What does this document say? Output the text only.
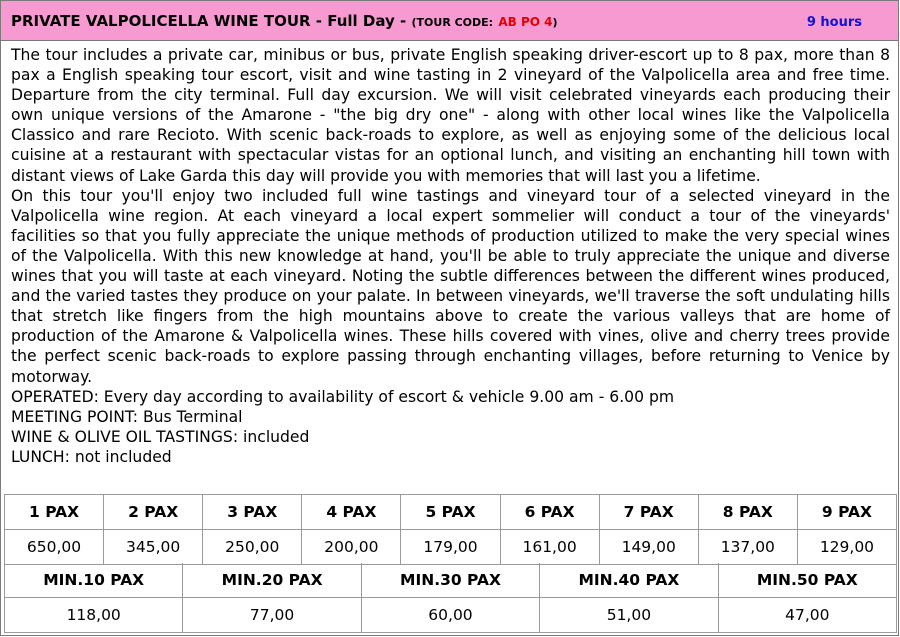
PRIVATE VALPOLICELLA WINE TOUR - Full Day - (TOUR CODE: AB PO 4)	9 hours

The tour includes a private car, minibus or bus, private English speaking driver-escort up to 8 pax, more than 8 pax a English speaking tour escort, visit and wine tasting in 2 vineyard of the Valpolicella area and free time. Departure from the city terminal. Full day excursion. We will visit celebrated vineyards each producing their own unique versions of the Amarone - "the big dry one" - along with other local wines like the Valpolicella Classico and rare Recioto. With scenic back-roads to explore, as well as enjoying some of the delicious local cuisine at a restaurant with spectacular vistas for an optional lunch, and visiting an enchanting hill town with distant views of Lake Garda this day will provide you with memories that will last you a lifetime.

On this tour you'll enjoy two included full wine tastings and vineyard tour of a selected vineyard in the Valpolicella wine region. At each vineyard a local expert sommelier will conduct a tour of the vineyards' facilities so that you fully appreciate the unique methods of production utilized to make the very special wines of the Valpolicella. With this new knowledge at hand, you'll be able to truly appreciate the unique and diverse wines that you will taste at each vineyard. Noting the subtle differences between the different wines produced, and the varied tastes they produce on your palate. In between vineyards, we'll traverse the soft undulating hills that stretch like fingers from the high mountains above to create the various valleys that are home of production of the Amarone & Valpolicella wines. These hills covered with vines, olive and cherry trees provide the perfect scenic back-roads to explore passing through enchanting villages, before returning to Venice by motorway.

OPERATED: Every day according to availability of escort & vehicle 9.00 am - 6.00 pm
MEETING POINT: Bus Terminal
WINE & OLIVE OIL TASTINGS: included
LUNCH: not included
1 PAX	2 PAX	3 PAX	4 PAX	5 PAX	6 PAX	7 PAX	8 PAX	9 PAX
650,00	345,00	250,00	200,00	179,00	161,00	149,00	137,00	129,00
MIN.10 PAX	MIN.20 PAX	MIN.30 PAX	MIN.40 PAX	MIN.50 PAX
118,00	77,00	60,00	51,00	47,00
